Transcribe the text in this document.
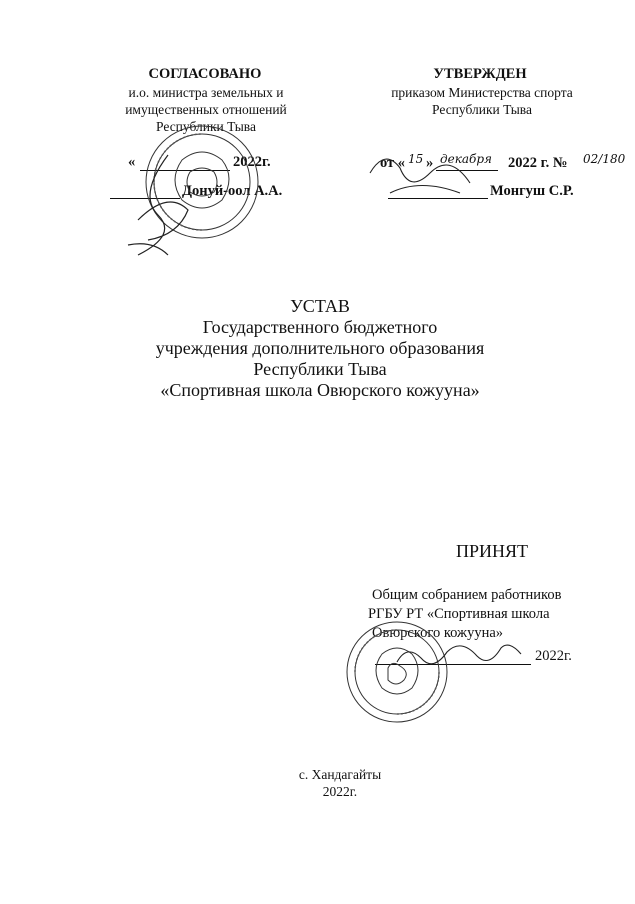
СОГЛАСОВАНО
и.о. министра земельных и
имущественных отношений
Республики Тыва
«	2022г.
Донуй-оол А.А.
УТВЕРЖДЕН
приказом Министерства спорта
Республики Тыва
от « 15 » декабря 2022 г. № 02/180
Монгуш С.Р.
УСТАВ
Государственного бюджетного
учреждения дополнительного образования
Республики Тыва
«Спортивная школа Овюрского кожууна»
ПРИНЯТ
Общим собранием работников
РГБУ РТ «Спортивная школа
Овюрского кожууна»
2022г.
с. Хандагайты
2022г.
